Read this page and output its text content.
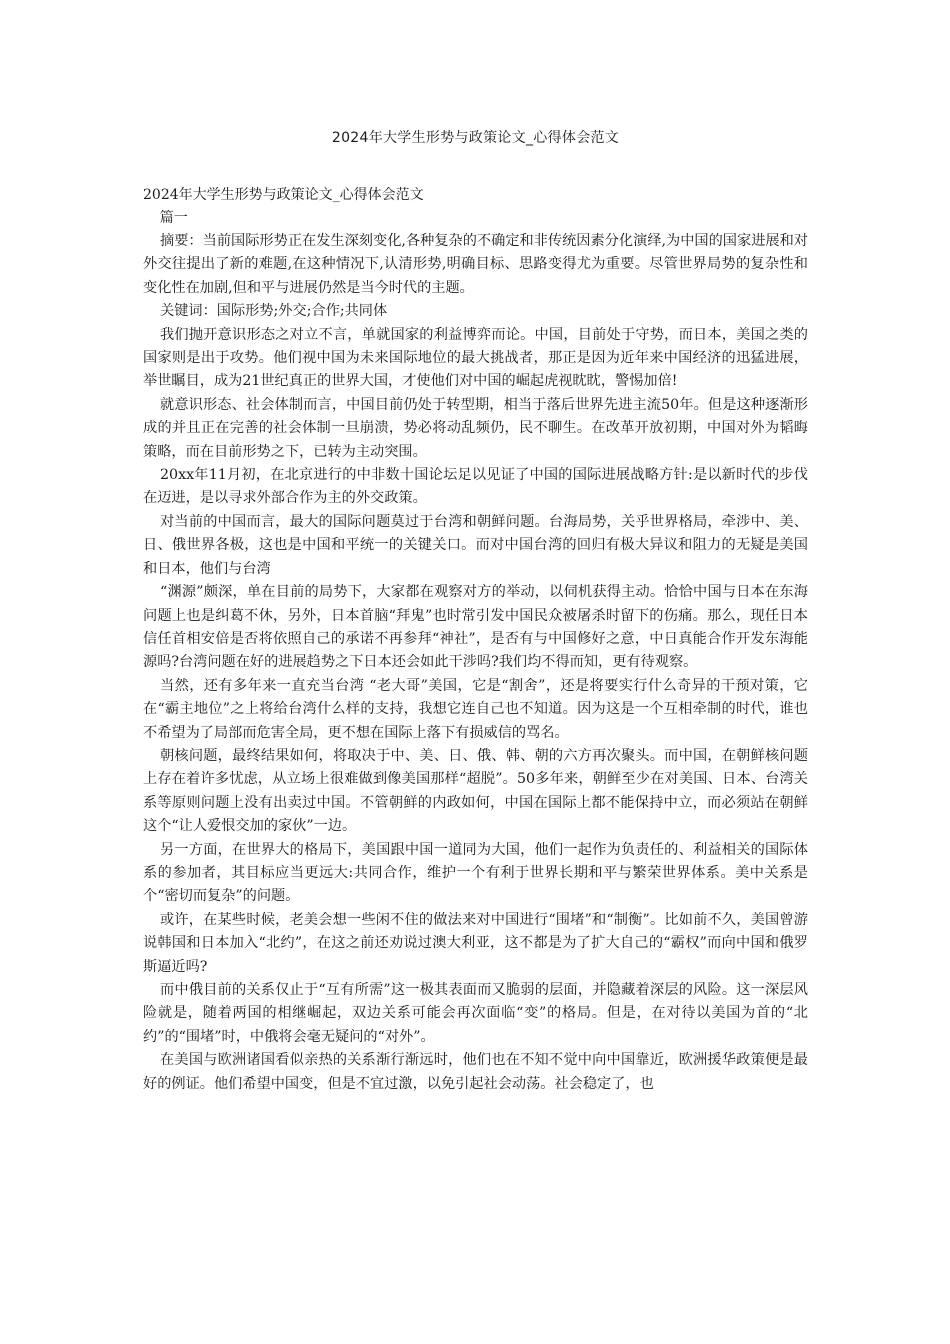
2024年大学生形势与政策论文_心得体会范文
2024年大学生形势与政策论文_心得体会范文
篇一

摘要：当前国际形势正在发生深刻变化,各种复杂的不确定和非传统因素分化演绎,为中国的国家进展和对外交往提出了新的难题,在这种情况下,认清形势,明确目标、思路变得尤为重要。尽管世界局势的复杂性和变化性在加剧,但和平与进展仍然是当今时代的主题。

关键词：国际形势;外交;合作;共同体

我们抛开意识形态之对立不言，单就国家的利益博弈而论。中国，目前处于守势，而日本，美国之类的国家则是出于攻势。他们视中国为未来国际地位的最大挑战者，那正是因为近年来中国经济的迅猛进展，举世瞩目，成为21世纪真正的世界大国，才使他们对中国的崛起虎视眈眈，警惕加倍!

就意识形态、社会体制而言，中国目前仍处于转型期，相当于落后世界先进主流50年。但是这种逐渐形成的并且正在完善的社会体制一旦崩溃，势必将动乱频仍，民不聊生。在改革开放初期，中国对外为韬晦策略，而在目前形势之下，已转为主动突围。

20xx年11月初，在北京进行的中非数十国论坛足以见证了中国的国际进展战略方针:是以新时代的步伐在迈进，是以寻求外部合作为主的外交政策。

对当前的中国而言，最大的国际问题莫过于台湾和朝鲜问题。台海局势，关乎世界格局，牵涉中、美、日、俄世界各极，这也是中国和平统一的关键关口。而对中国台湾的回归有极大异议和阻力的无疑是美国和日本，他们与台湾

“渊源”颇深，单在目前的局势下，大家都在观察对方的举动，以伺机获得主动。恰恰中国与日本在东海问题上也是纠葛不休，另外，日本首脑“拜鬼”也时常引发中国民众被屠杀时留下的伤痛。那么，现任日本信任首相安倍是否将依照自己的承诺不再参拜“神社”，是否有与中国修好之意，中日真能合作开发东海能源吗?台湾问题在好的进展趋势之下日本还会如此干涉吗?我们均不得而知，更有待观察。

当然，还有多年来一直充当台湾 “老大哥”美国，它是“割舍”，还是将要实行什么奇异的干预对策，它在“霸主地位”之上将给台湾什么样的支持，我想它连自己也不知道。因为这是一个互相牵制的时代，谁也不希望为了局部而危害全局，更不想在国际上落下有损威信的骂名。

朝核问题，最终结果如何，将取决于中、美、日、俄、韩、朝的六方再次聚头。而中国，在朝鲜核问题上存在着许多忧虑，从立场上很难做到像美国那样“超脱”。50多年来，朝鲜至少在对美国、日本、台湾关系等原则问题上没有出卖过中国。不管朝鲜的内政如何，中国在国际上都不能保持中立，而必须站在朝鲜这个“让人爱恨交加的家伙”一边。

另一方面，在世界大的格局下，美国跟中国一道同为大国，他们一起作为负责任的、利益相关的国际体系的参加者，其目标应当更远大:共同合作，维护一个有利于世界长期和平与繁荣世界体系。美中关系是个“密切而复杂”的问题。

或许，在某些时候，老美会想一些闲不住的做法来对中国进行“围堵”和“制衡”。比如前不久，美国曾游说韩国和日本加入“北约”，在这之前还劝说过澳大利亚，这不都是为了扩大自己的“霸权”而向中国和俄罗斯逼近吗?

而中俄目前的关系仅止于“互有所需”这一极其表面而又脆弱的层面，并隐藏着深层的风险。这一深层风险就是，随着两国的相继崛起，双边关系可能会再次面临“变”的格局。但是，在对待以美国为首的“北约”的“围堵”时，中俄将会毫无疑问的“对外”。

在美国与欧洲诸国看似亲热的关系渐行渐远时，他们也在不知不觉中向中国靠近，欧洲援华政策便是最好的例证。他们希望中国变，但是不宜过激，以免引起社会动荡。社会稳定了，也
